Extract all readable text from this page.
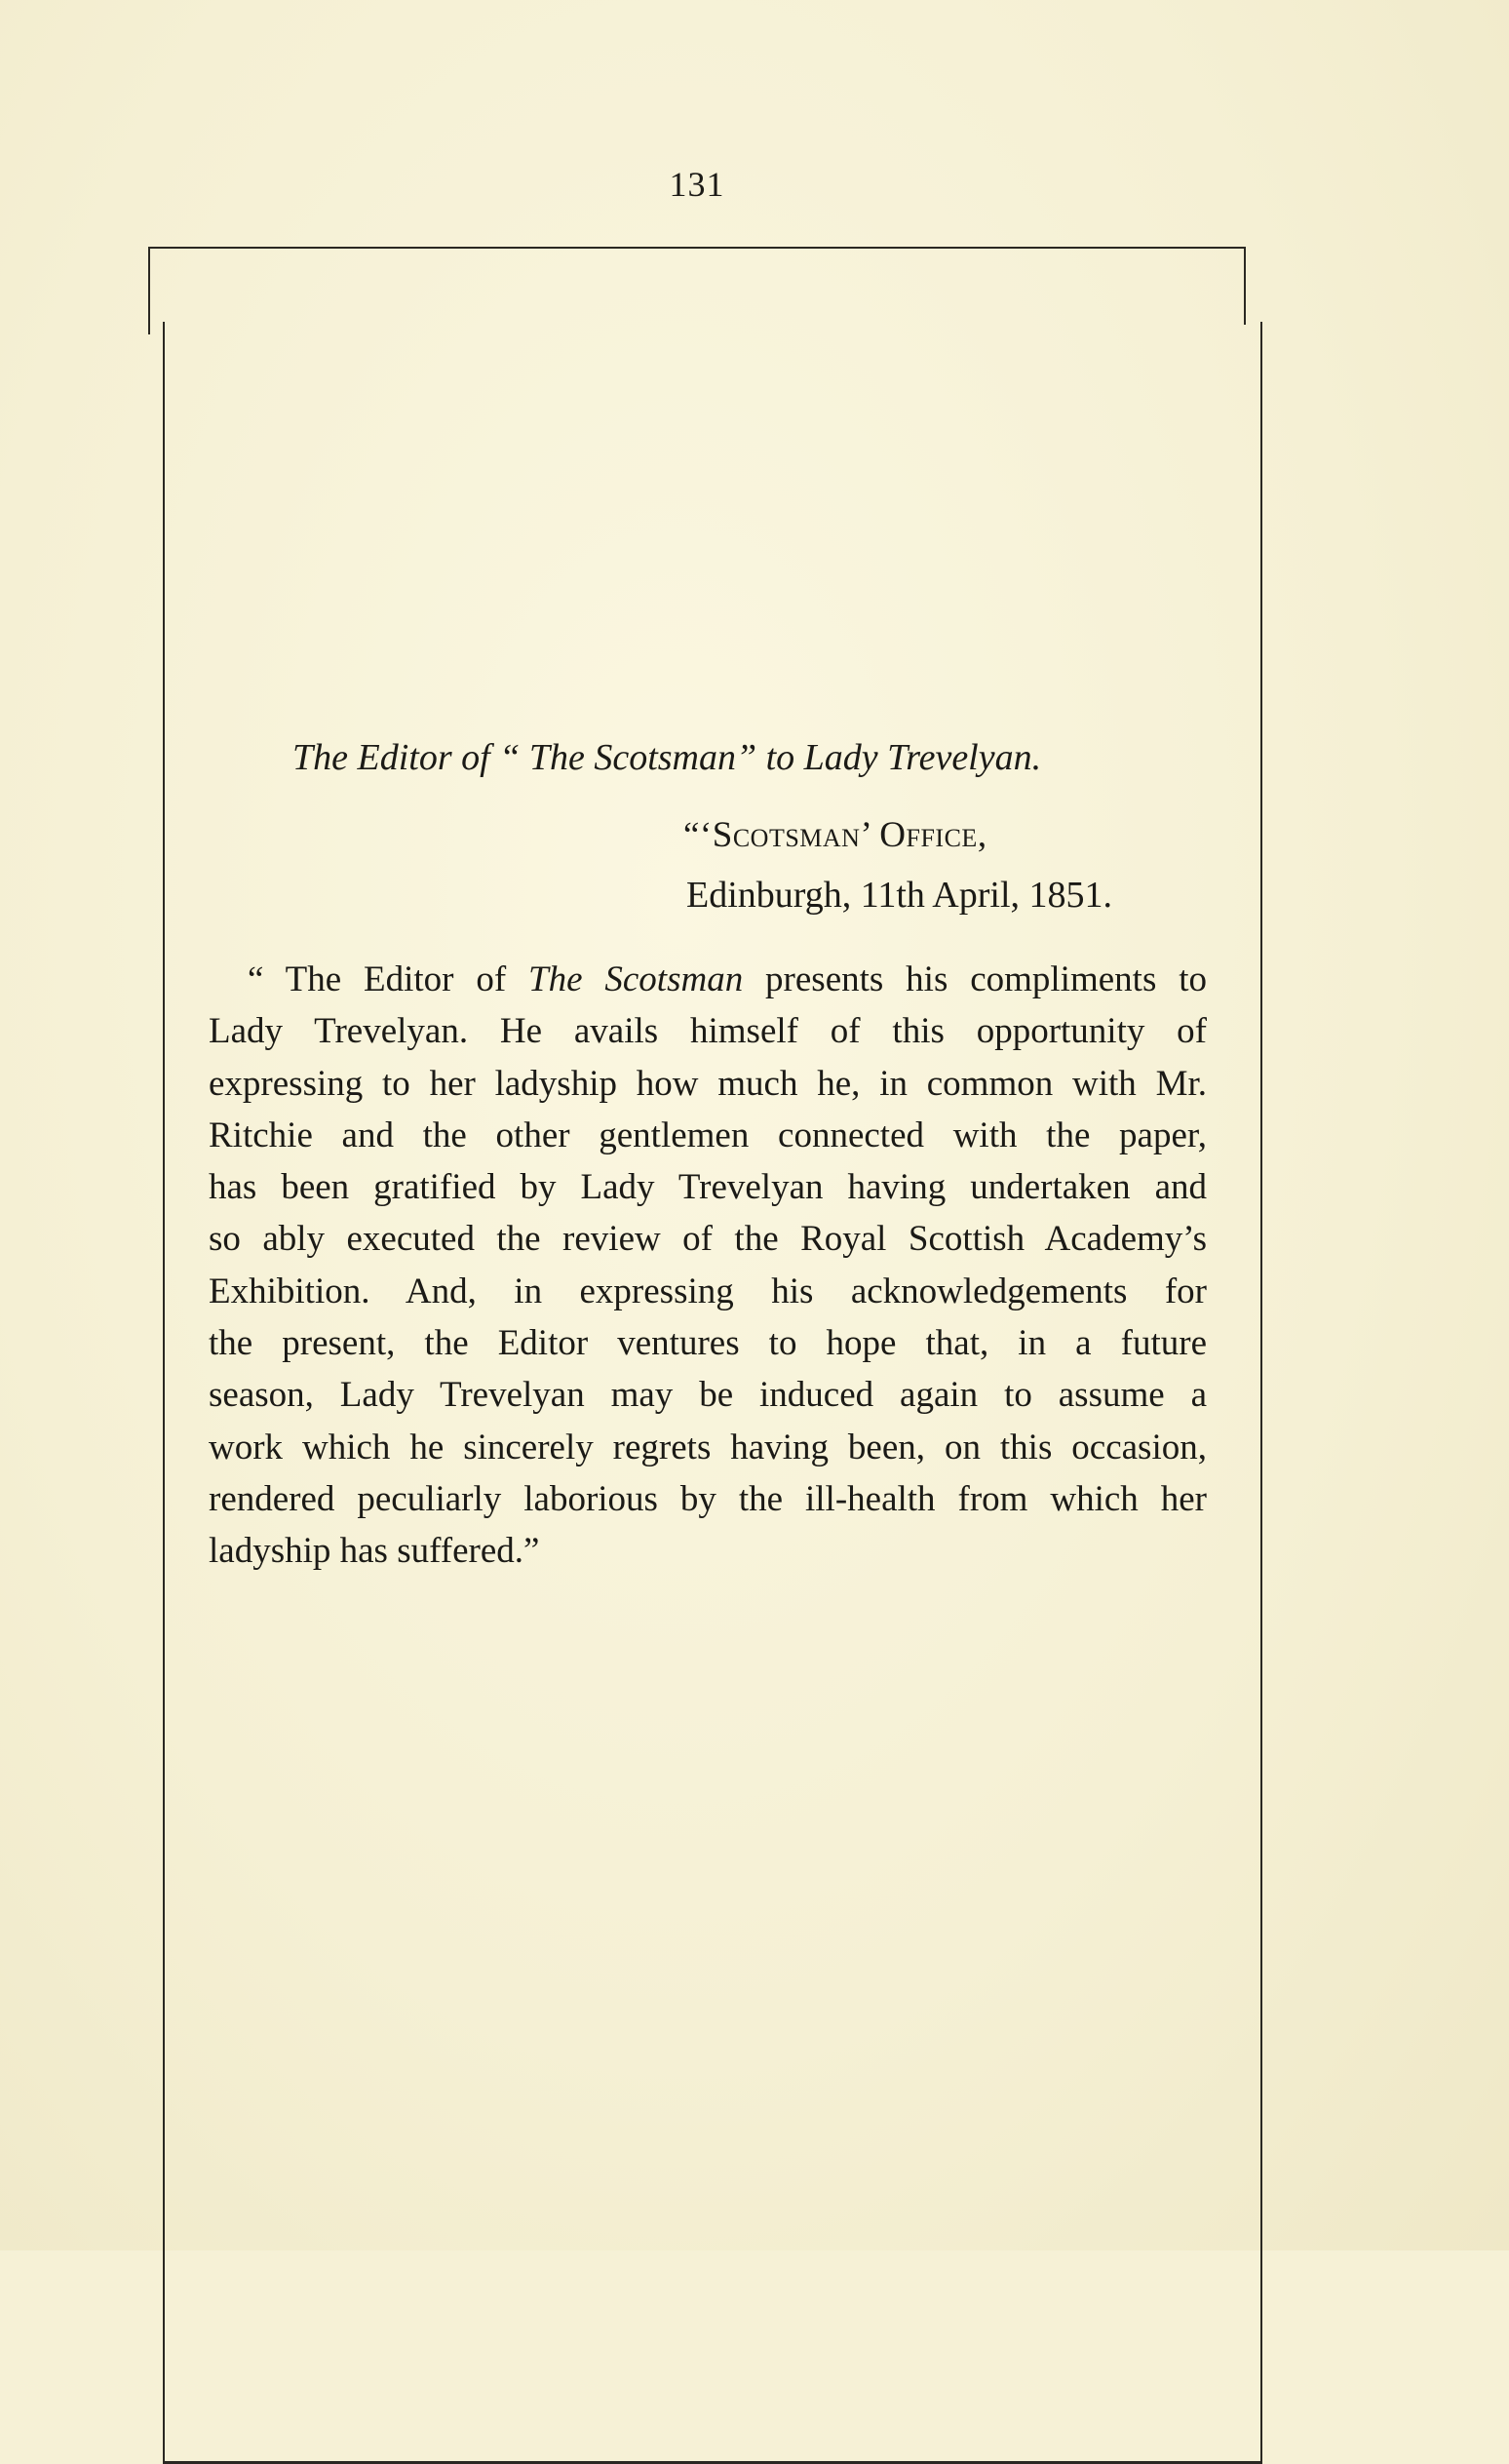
131
The Editor of “ The Scotsman” to Lady Trevelyan.
“‘Scotsman’ Office,
Edinburgh, 11th April, 1851.
“ The Editor of The Scotsman presents his compliments to
Lady Trevelyan. He avails himself of this opportunity of
expressing to her ladyship how much he, in common with Mr.
Ritchie and the other gentlemen connected with the paper,
has been gratified by Lady Trevelyan having undertaken and
so ably executed the review of the Royal Scottish Academy’s
Exhibition. And, in expressing his acknowledgements for
the present, the Editor ventures to hope that, in a future
season, Lady Trevelyan may be induced again to assume a
work which he sincerely regrets having been, on this occasion,
rendered peculiarly laborious by the ill-health from which her
ladyship has suffered.”
